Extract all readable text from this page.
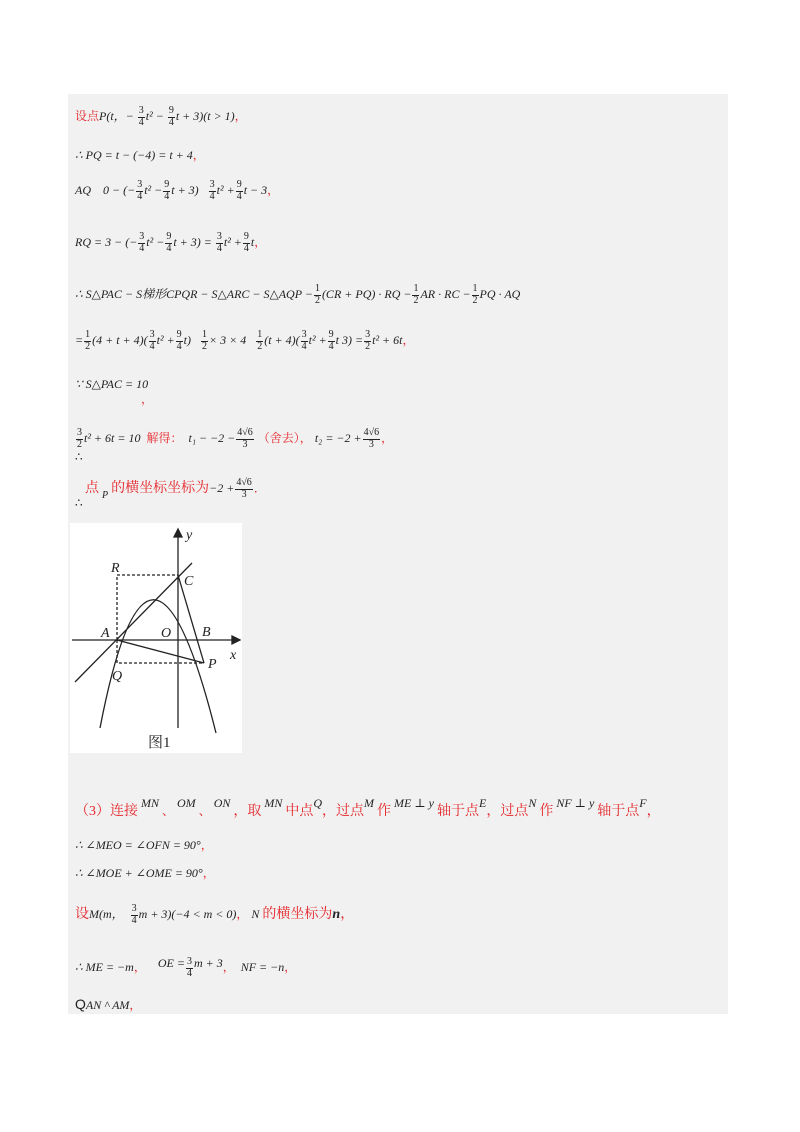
设点P(t，− $\frac{3}{4} t^2 - \frac{9}{4}$ t + 3)(t > 1)，
∴ PQ = t − (−4) = t + 4，
AQ 0 − (− $\frac{3}{4} t^2 - \frac{9}{4}$ $t + 3) \frac{3}{4} t^2 + \frac{9}{4}$ t − 3，
RQ = 3 − (− $\frac{3}{4} t^2 - \frac{9}{4}$ $t + 3) = \frac{3}{4} t^2 + \frac{9}{4}$ t，
∴ S△PAC − S梯形CPQR − S△ARC − S△AQP − $\frac{1}{2} (CR + PQ)$ · RQ − $\frac{1}{2}$ AR · RC − $\frac{1}{2}$ PQ · AQ
= $\frac{1}{2} (4 + t + 4)( \frac{3}{4} t^2 + \frac{9}{4} t) \frac{1}{2} \times 3 \times 4 \frac{1}{2} (t + 4)( \frac{3}{4} t^2 + \frac{9}{4}$ t $3) = \frac{3}{2} t^2 + 6t$，
∵ S△PAC = 10
，
$\frac{3}{2} t^2 + 6t = 10$ 解得： $t_1 - -2 - \frac{4√6}{3}$ （舍去）， $t_2 = -2 + \frac{4√6}{3}$ ，
∴
点 $_P$ 的横坐标坐标为$-2 + \frac{4√6}{3}$ ．
∴
y
x
R
C
A	O B
Q
P
图1
（3）连接 MN 、 OM 、 ON ，取 MN 中点Q，过点M 作 ME ⊥ y 轴于点E，过点N 作 NF ⊥ y 轴于点F，
∴ ∠MEO = ∠OFN = 90°，
∴ ∠MOE + ∠OME = 90°，
设M(m， $\frac{3}{4}$ m + 3)(−4 < m < 0)， N 的横坐标为n，
∴ ME = −m， OE = $\frac{3}{4}$ m + 3， NF = −n，
QAN ^ AM，
